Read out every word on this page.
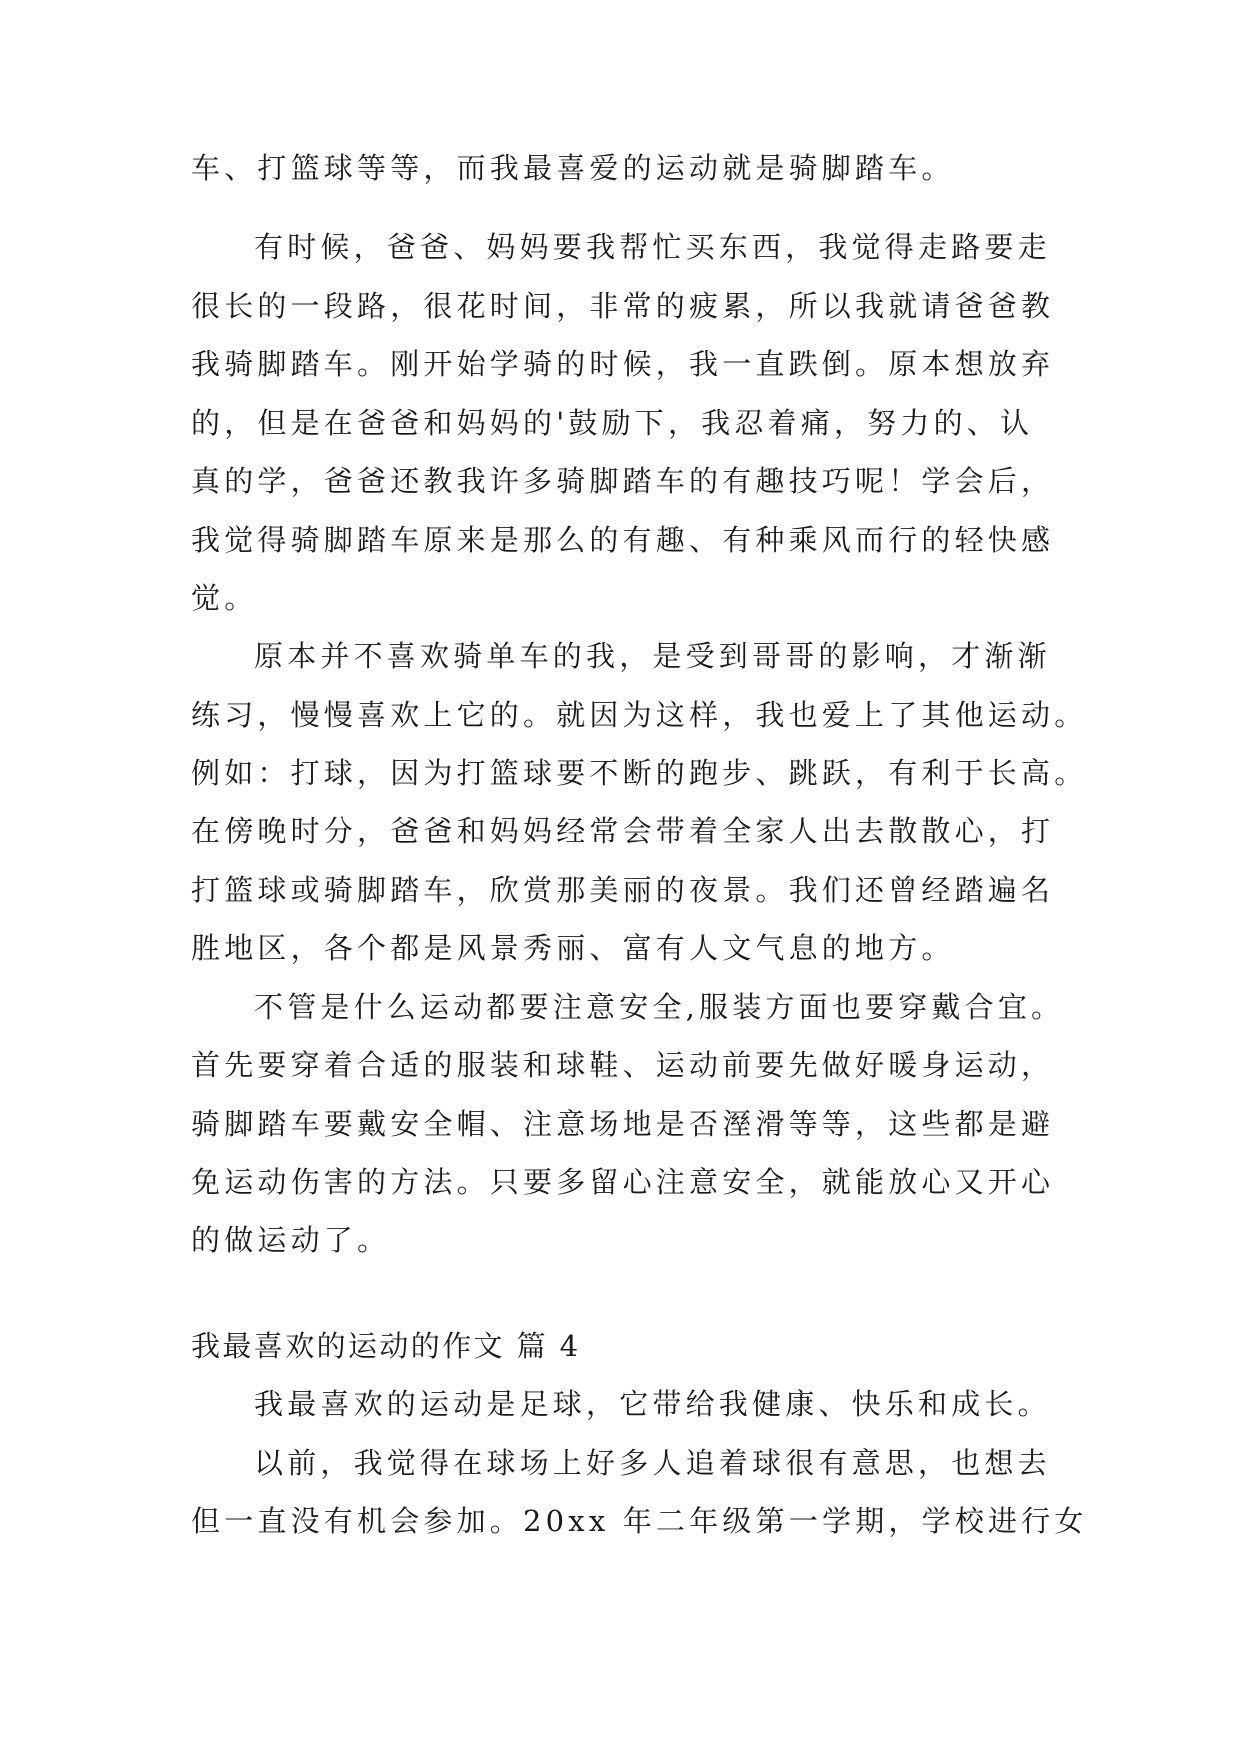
车、打篮球等等，而我最喜爱的运动就是骑脚踏车。
有时候，爸爸、妈妈要我帮忙买东西，我觉得走路要走
很长的一段路，很花时间，非常的疲累，所以我就请爸爸教
我骑脚踏车。刚开始学骑的时候，我一直跌倒。原本想放弃
的，但是在爸爸和妈妈的'鼓励下，我忍着痛，努力的、认
真的学，爸爸还教我许多骑脚踏车的有趣技巧呢！学会后，
我觉得骑脚踏车原来是那么的有趣、有种乘风而行的轻快感
觉。
原本并不喜欢骑单车的我，是受到哥哥的影响，才渐渐
练习，慢慢喜欢上它的。就因为这样，我也爱上了其他运动。
例如：打球，因为打篮球要不断的跑步、跳跃，有利于长高。
在傍晚时分，爸爸和妈妈经常会带着全家人出去散散心，打
打篮球或骑脚踏车，欣赏那美丽的夜景。我们还曾经踏遍名
胜地区，各个都是风景秀丽、富有人文气息的地方。
不管是什么运动都要注意安全,服装方面也要穿戴合宜。
首先要穿着合适的服装和球鞋、运动前要先做好暖身运动，
骑脚踏车要戴安全帽、注意场地是否溼滑等等，这些都是避
免运动伤害的方法。只要多留心注意安全，就能放心又开心
的做运动了。
我最喜欢的运动的作文 篇 4
我最喜欢的运动是足球，它带给我健康、快乐和成长。
以前，我觉得在球场上好多人追着球很有意思，也想去
但一直没有机会参加。20xx 年二年级第一学期，学校进行女
